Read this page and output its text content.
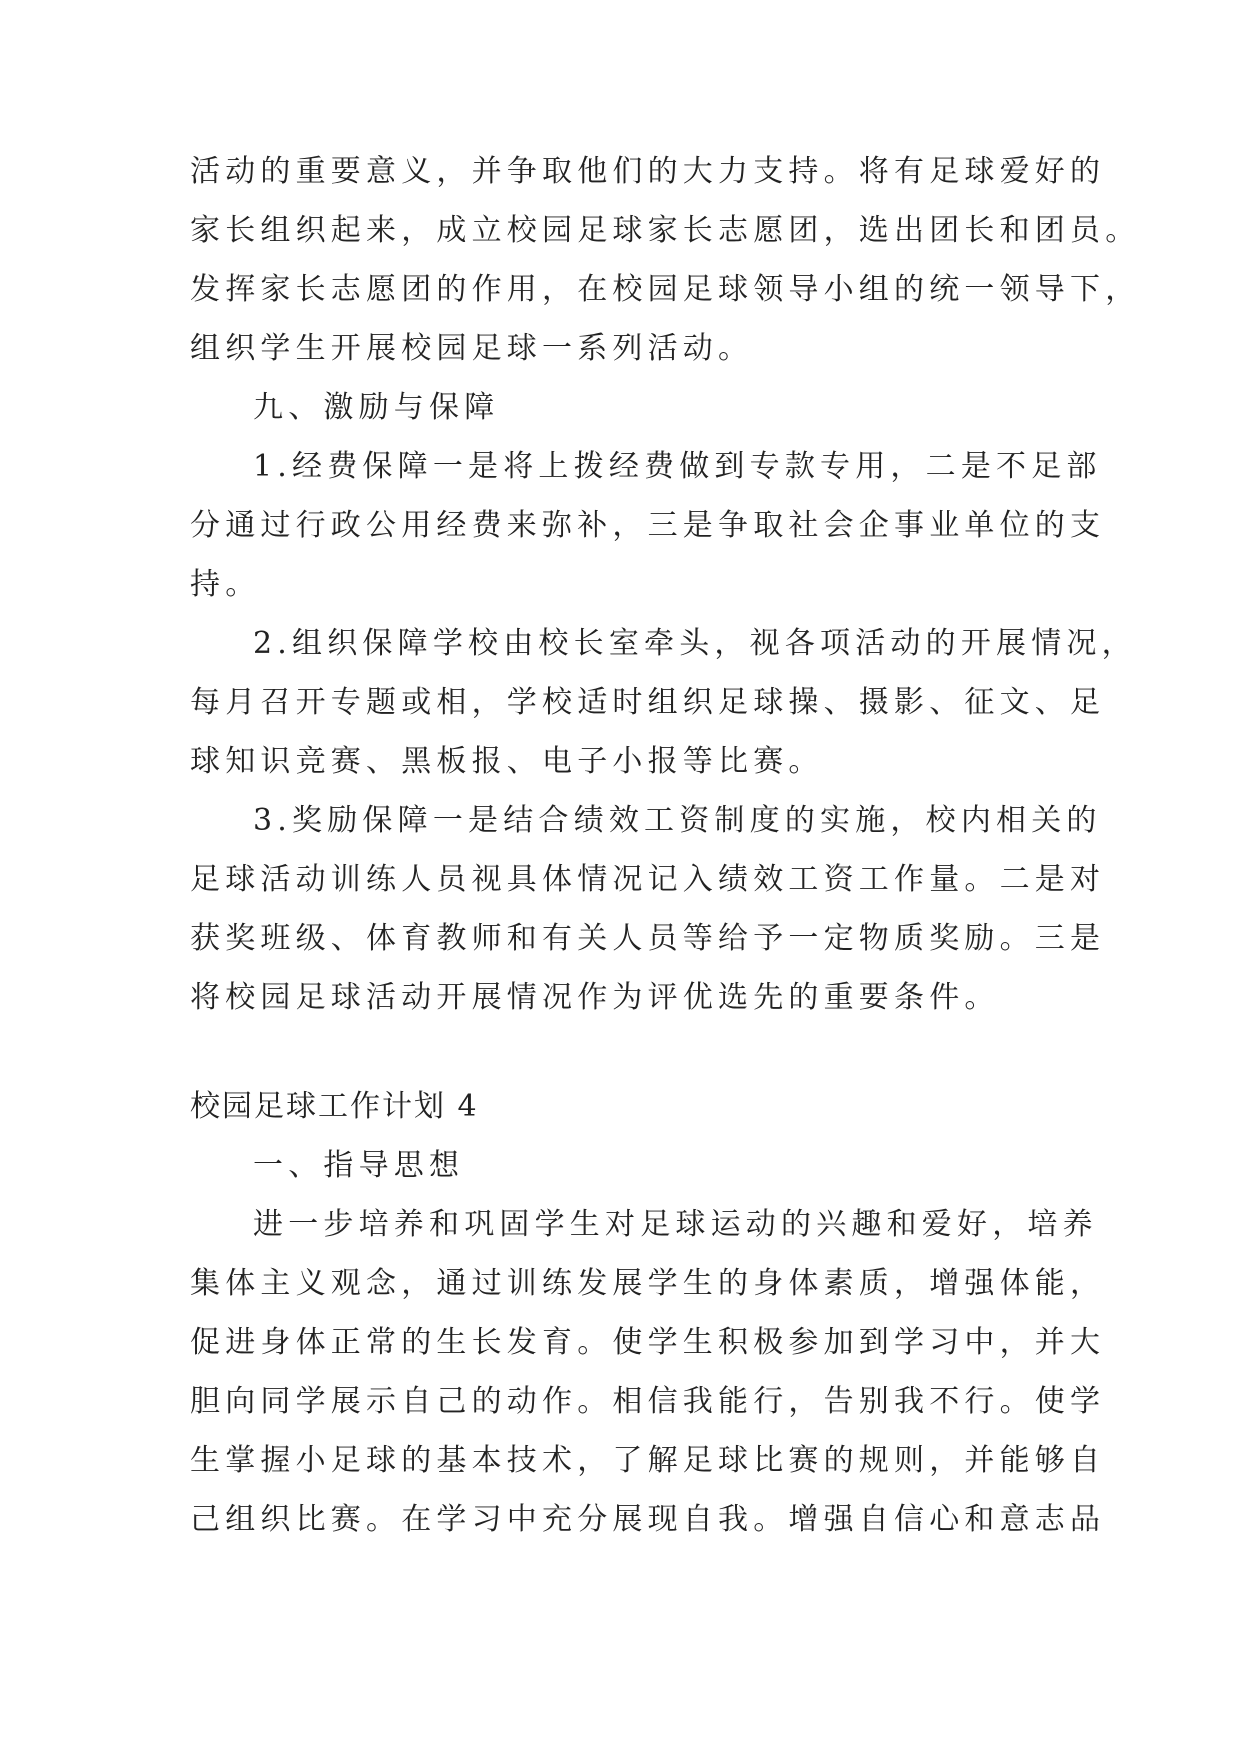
活动的重要意义，并争取他们的大力支持。将有足球爱好的
家长组织起来，成立校园足球家长志愿团，选出团长和团员。
发挥家长志愿团的作用，在校园足球领导小组的统一领导下，
组织学生开展校园足球一系列活动。
九、激励与保障
1.经费保障一是将上拨经费做到专款专用，二是不足部
分通过行政公用经费来弥补，三是争取社会企事业单位的支
持。
2.组织保障学校由校长室牵头，视各项活动的开展情况，
每月召开专题或相，学校适时组织足球操、摄影、征文、足
球知识竞赛、黑板报、电子小报等比赛。
3.奖励保障一是结合绩效工资制度的实施，校内相关的
足球活动训练人员视具体情况记入绩效工资工作量。二是对
获奖班级、体育教师和有关人员等给予一定物质奖励。三是
将校园足球活动开展情况作为评优选先的重要条件。
校园足球工作计划 4
一、指导思想
进一步培养和巩固学生对足球运动的兴趣和爱好，培养
集体主义观念，通过训练发展学生的身体素质，增强体能，
促进身体正常的生长发育。使学生积极参加到学习中，并大
胆向同学展示自己的动作。相信我能行，告别我不行。使学
生掌握小足球的基本技术，了解足球比赛的规则，并能够自
己组织比赛。在学习中充分展现自我。增强自信心和意志品
